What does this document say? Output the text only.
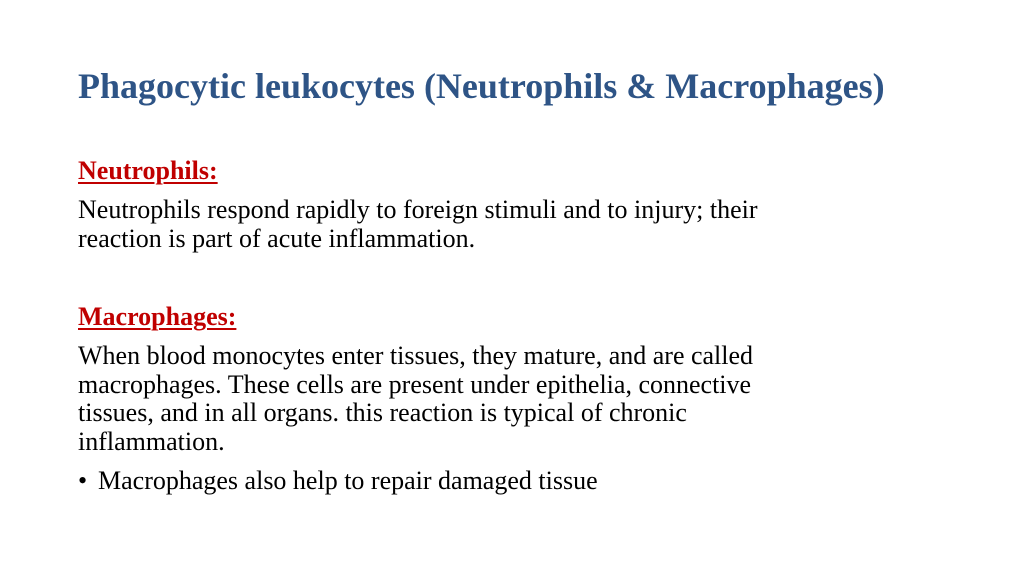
Phagocytic leukocytes (Neutrophils & Macrophages)
Neutrophils:

Neutrophils respond rapidly to foreign stimuli and to injury; their
reaction is part of acute inflammation.

Macrophages:

When blood monocytes enter tissues, they mature, and are called
macrophages. These cells are present under epithelia, connective
tissues, and in all organs. this reaction is typical of chronic
inflammation.

• Macrophages also help to repair damaged tissue
